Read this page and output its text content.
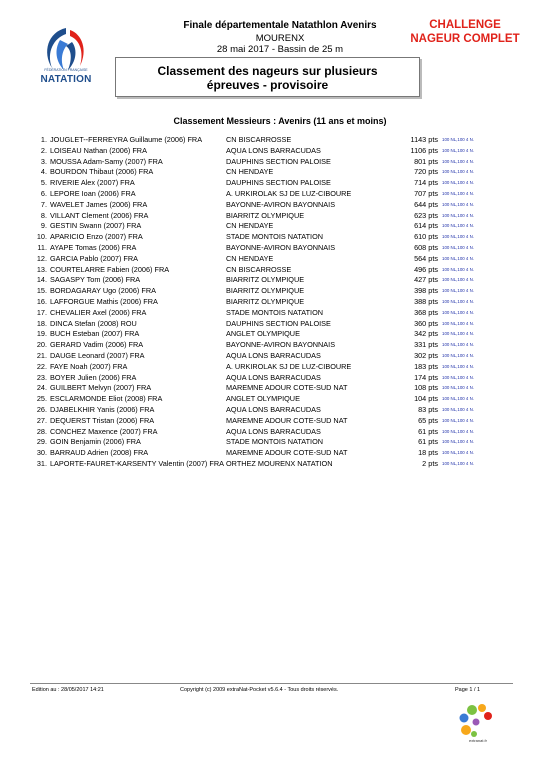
FÉDÉRATION FRANÇAISE
NATATION
Finale départementale Natathlon Avenirs
MOURENX
28 mai 2017 - Bassin de 25 m
CHALLENGE
NAGEUR COMPLET
Classement des nageurs sur plusieurs
épreuves - provisoire
Classement Messieurs : Avenirs (11 ans et moins)
1. JOUGLET--FERREYRA Guillaume (2006) FRA	CN BISCARROSSE	1143 pts 100 NL,100 4 N.
2. LOISEAU Nathan (2006) FRA	AQUA LONS BARRACUDAS	1106 pts 100 NL,100 4 N.
3. MOUSSA Adam-Samy (2007) FRA	DAUPHINS SECTION PALOISE	801 pts 100 NL,100 4 N.
4. BOURDON Thibaut (2006) FRA	CN HENDAYE	720 pts 100 NL,100 4 N.
5. RIVERIE Alex (2007) FRA	DAUPHINS SECTION PALOISE	714 pts 100 NL,100 4 N.
6. LEPORE Ioan (2006) FRA	A. URKIROLAK SJ DE LUZ-CIBOURE	707 pts 100 NL,100 4 N.
7. WAVELET James (2006) FRA	BAYONNE-AVIRON BAYONNAIS	644 pts 100 NL,100 4 N.
8. VILLANT Clement (2006) FRA	BIARRITZ OLYMPIQUE	623 pts 100 NL,100 4 N.
9. GESTIN Swann (2007) FRA	CN HENDAYE	614 pts 100 NL,100 4 N.
10. APARICIO Enzo (2007) FRA	STADE MONTOIS NATATION	610 pts 100 NL,100 4 N.
11. AYAPE Tomas (2006) FRA	BAYONNE-AVIRON BAYONNAIS	608 pts 100 NL,100 4 N.
12. GARCIA Pablo (2007) FRA	CN HENDAYE	564 pts 100 NL,100 4 N.
13. COURTELARRE Fabien (2006) FRA	CN BISCARROSSE	496 pts 100 NL,100 4 N.
14. SAGASPY Tom (2006) FRA	BIARRITZ OLYMPIQUE	427 pts 100 NL,100 4 N.
15. BORDAGARAY Ugo (2006) FRA	BIARRITZ OLYMPIQUE	398 pts 100 NL,100 4 N.
16. LAFFORGUE Mathis (2006) FRA	BIARRITZ OLYMPIQUE	388 pts 100 NL,100 4 N.
17. CHEVALIER Axel (2006) FRA	STADE MONTOIS NATATION	368 pts 100 NL,100 4 N.
18. DINCA Stefan (2008) ROU	DAUPHINS SECTION PALOISE	360 pts 100 NL,100 4 N.
19. BUCH Esteban (2007) FRA	ANGLET OLYMPIQUE	342 pts 100 NL,100 4 N.
20. GERARD Vadim (2006) FRA	BAYONNE-AVIRON BAYONNAIS	331 pts 100 NL,100 4 N.
21. DAUGE Leonard (2007) FRA	AQUA LONS BARRACUDAS	302 pts 100 NL,100 4 N.
22. FAYE Noah (2007) FRA	A. URKIROLAK SJ DE LUZ-CIBOURE	183 pts 100 NL,100 4 N.
23. BOYER Julien (2006) FRA	AQUA LONS BARRACUDAS	174 pts 100 NL,100 4 N.
24. GUILBERT Melvyn (2007) FRA	MAREMNE ADOUR COTE-SUD NAT	108 pts 100 NL,100 4 N.
25. ESCLARMONDE Eliot (2008) FRA	ANGLET OLYMPIQUE	104 pts 100 NL,100 4 N.
26. DJABELKHIR Yanis (2006) FRA	AQUA LONS BARRACUDAS	83 pts 100 NL,100 4 N.
27. DEQUERST Tristan (2006) FRA	MAREMNE ADOUR COTE-SUD NAT	65 pts 100 NL,100 4 N.
28. CONCHEZ Maxence (2007) FRA	AQUA LONS BARRACUDAS	61 pts 100 NL,100 4 N.
29. GOIN Benjamin (2006) FRA	STADE MONTOIS NATATION	61 pts 100 NL,100 4 N.
30. BARRAUD Adrien (2008) FRA	MAREMNE ADOUR COTE-SUD NAT	18 pts 100 NL,100 4 N.
31. LAPORTE-FAURET-KARSENTY Valentin (2007) FRA ORTHEZ MOURENX NATATION	2 pts 100 NL,100 4 N.
Edition au : 28/05/2017 14:21	Copyright (c) 2009 extraNat-Pocket v5.6.4 - Tous droits réservés.	Page 1 / 1
extranat.fr
